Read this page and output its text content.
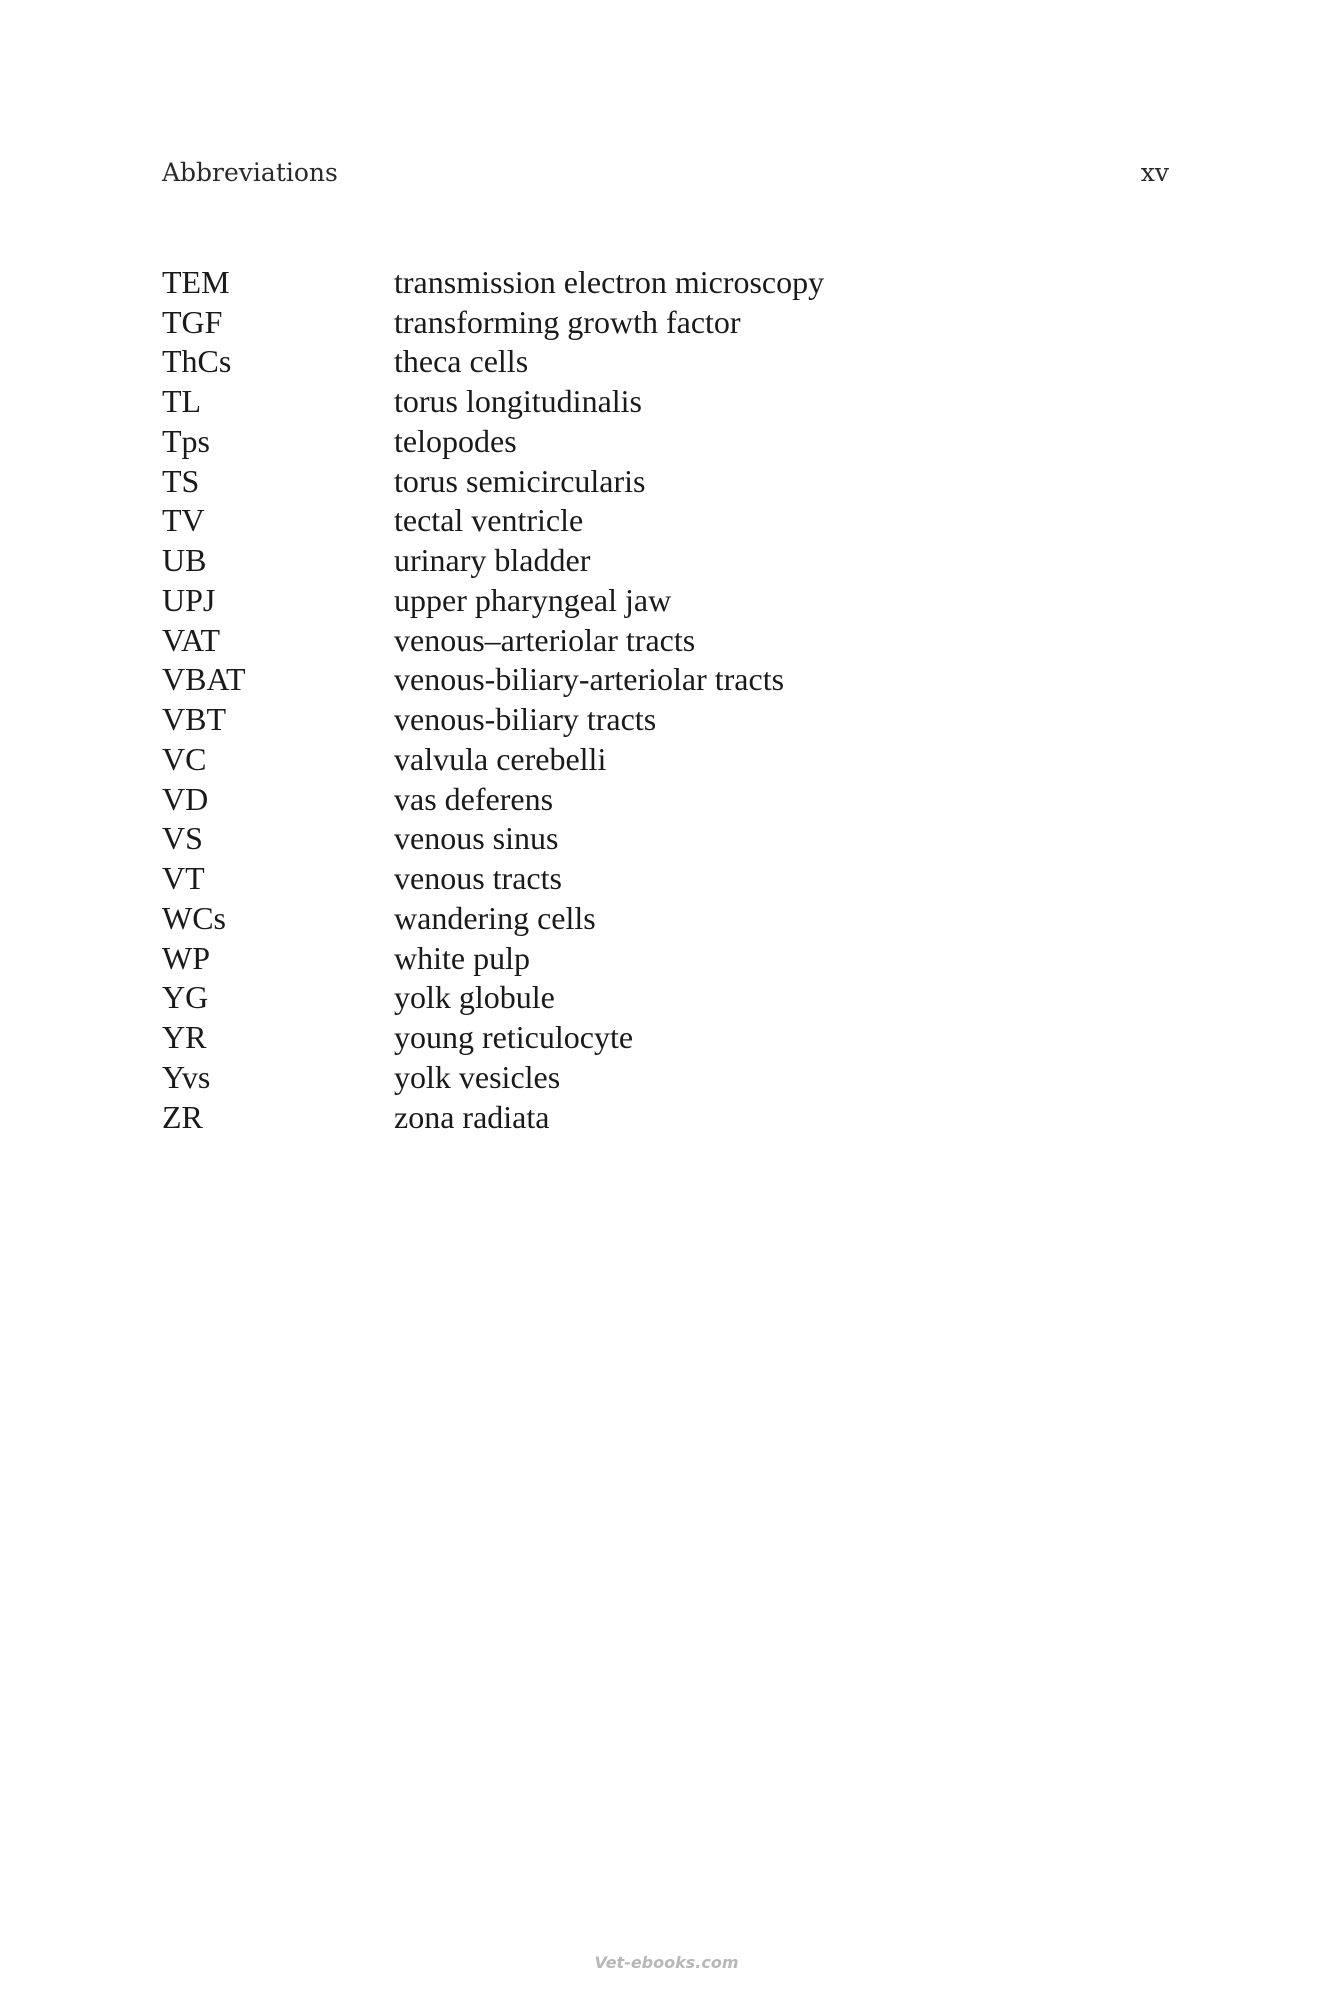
Abbreviations	xv
TEM	transmission electron microscopy
TGF	transforming growth factor
ThCs	theca cells
TL	torus longitudinalis
Tps	telopodes
TS	torus semicircularis
TV	tectal ventricle
UB	urinary bladder
UPJ	upper pharyngeal jaw
VAT	venous–arteriolar tracts
VBAT	venous-biliary-arteriolar tracts
VBT	venous-biliary tracts
VC	valvula cerebelli
VD	vas deferens
VS	venous sinus
VT	venous tracts
WCs	wandering cells
WP	white pulp
YG	yolk globule
YR	young reticulocyte
Yvs	yolk vesicles
ZR	zona radiata
Vet-ebooks.com
